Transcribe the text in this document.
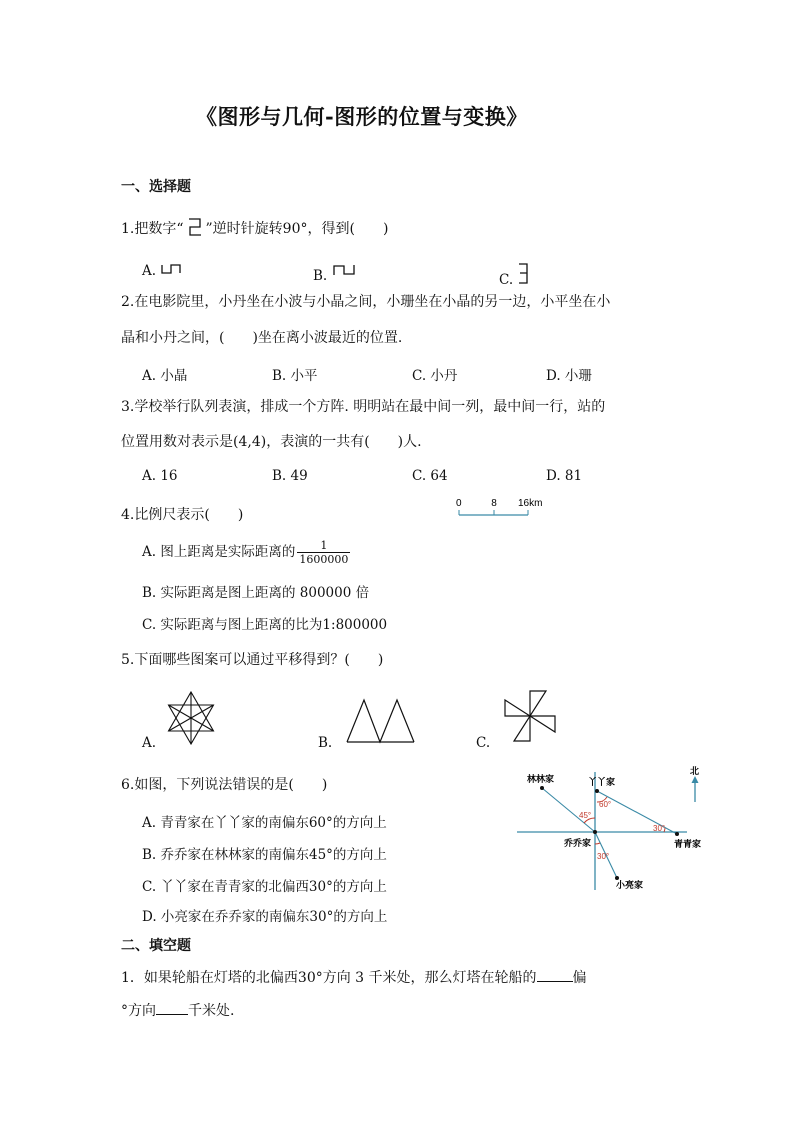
《图形与几何-图形的位置与变换》
一、选择题
1.把数字“ ”逆时针旋转90°，得到(　　)
A.	B.	C.
2.在电影院里，小丹坐在小波与小晶之间，小珊坐在小晶的另一边，小平坐在小
晶和小丹之间，(　　)坐在离小波最近的位置.
A. 小晶	B. 小平	C. 小丹	D. 小珊
3.学校举行队列表演，排成一个方阵. 明明站在最中间一列，最中间一行，站的
位置用数对表示是(4,4)，表演的一共有(　　)人.
A. 16	B. 49	C. 64	D. 81
4.比例尺表示(　　)
0	8 16km
A. 图上距离是实际距离的 $\frac{1}{1600000}$
B. 实际距离是图上距离的 800000 倍
C. 实际距离与图上距离的比为1:800000
5.下面哪些图案可以通过平移得到？(　　)
A.	B.	C.
6.如图，下列说法错误的是(　　)
A. 青青家在丫丫家的南偏东60°的方向上
B. 乔乔家在林林家的南偏东45°的方向上
C. 丫丫家在青青家的北偏西30°的方向上
D. 小亮家在乔乔家的南偏东30°的方向上
北
林林家	丫丫家
青青家
乔乔家
小亮家
60°
45°
30°
30°
二、填空题
1．如果轮船在灯塔的北偏西30°方向 3 千米处，那么灯塔在轮船的	偏
°方向 千米处.
